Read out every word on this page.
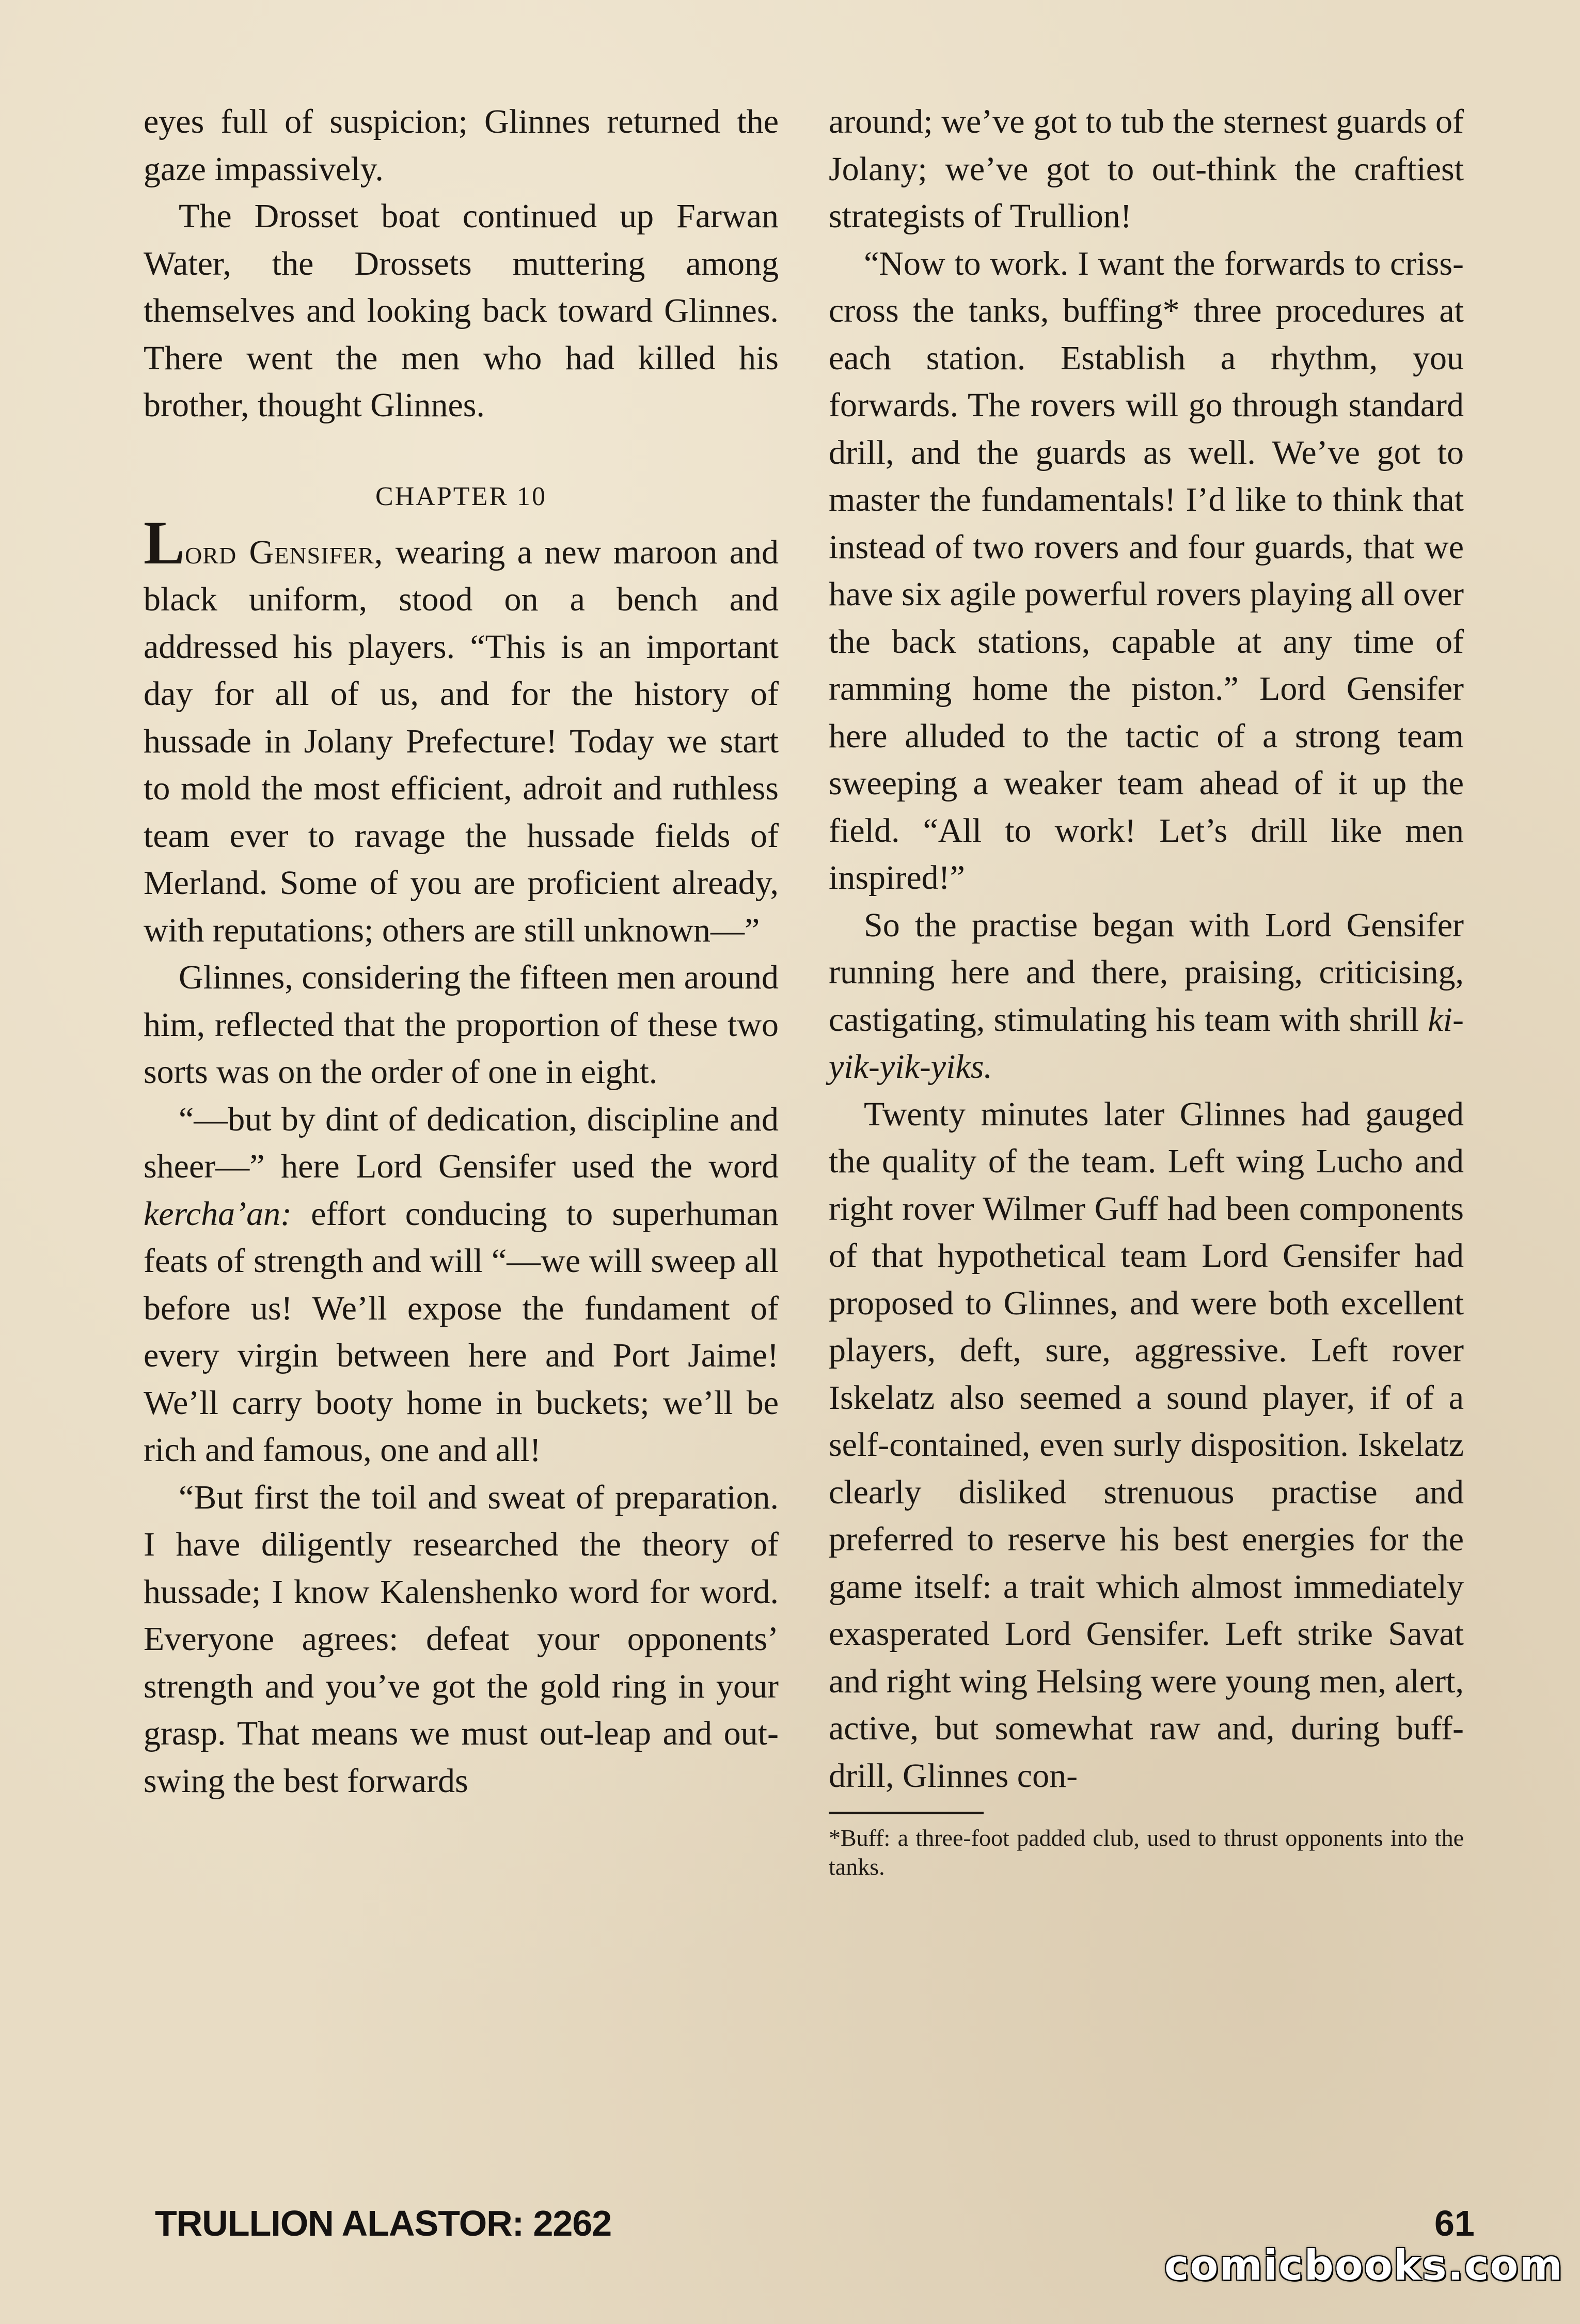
eyes full of suspicion; Glinnes returned the gaze impassively.

The Drosset boat continued up Farwan Water, the Drossets muttering among themselves and looking back toward Glinnes. There went the men who had killed his brother, thought Glinnes.

CHAPTER 10

Lord Gensifer, wearing a new maroon and black uniform, stood on a bench and addressed his players. “This is an important day for all of us, and for the history of hussade in Jolany Prefecture! Today we start to mold the most efficient, adroit and ruthless team ever to ravage the hussade fields of Merland. Some of you are proficient already, with reputations; others are still unknown—”

Glinnes, considering the fifteen men around him, reflected that the proportion of these two sorts was on the order of one in eight.

“—but by dint of dedication, discipline and sheer—” here Lord Gensifer used the word kercha’an: effort conducing to superhuman feats of strength and will “—we will sweep all before us! We’ll expose the fundament of every virgin between here and Port Jaime! We’ll carry booty home in buckets; we’ll be rich and famous, one and all!

“But first the toil and sweat of preparation. I have diligently researched the theory of hussade; I know Kalenshenko word for word. Everyone agrees: defeat your opponents’ strength and you’ve got the gold ring in your grasp. That means we must out-leap and out-swing the best forwards

around; we’ve got to tub the sternest guards of Jolany; we’ve got to out-think the craftiest strategists of Trullion!

“Now to work. I want the forwards to criss-cross the tanks, buffing* three procedures at each station. Establish a rhythm, you forwards. The rovers will go through standard drill, and the guards as well. We’ve got to master the fundamentals! I’d like to think that instead of two rovers and four guards, that we have six agile powerful rovers playing all over the back stations, capable at any time of ramming home the piston.” Lord Gensifer here alluded to the tactic of a strong team sweeping a weaker team ahead of it up the field. “All to work! Let’s drill like men inspired!”

So the practise began with Lord Gensifer running here and there, praising, criticising, castigating, stimulating his team with shrill ki-yik-yik-yiks.

Twenty minutes later Glinnes had gauged the quality of the team. Left wing Lucho and right rover Wilmer Guff had been components of that hypothetical team Lord Gensifer had proposed to Glinnes, and were both excellent players, deft, sure, aggressive. Left rover Iskelatz also seemed a sound player, if of a self-contained, even surly disposition. Iskelatz clearly disliked strenuous practise and preferred to reserve his best energies for the game itself: a trait which almost immediately exasperated Lord Gensifer. Left strike Savat and right wing Helsing were young men, alert, active, but somewhat raw and, during buff-drill, Glinnes con-

*Buff: a three-foot padded club, used to thrust opponents into the tanks.

TRULLION ALASTOR: 2262	61
comicbooks.com
